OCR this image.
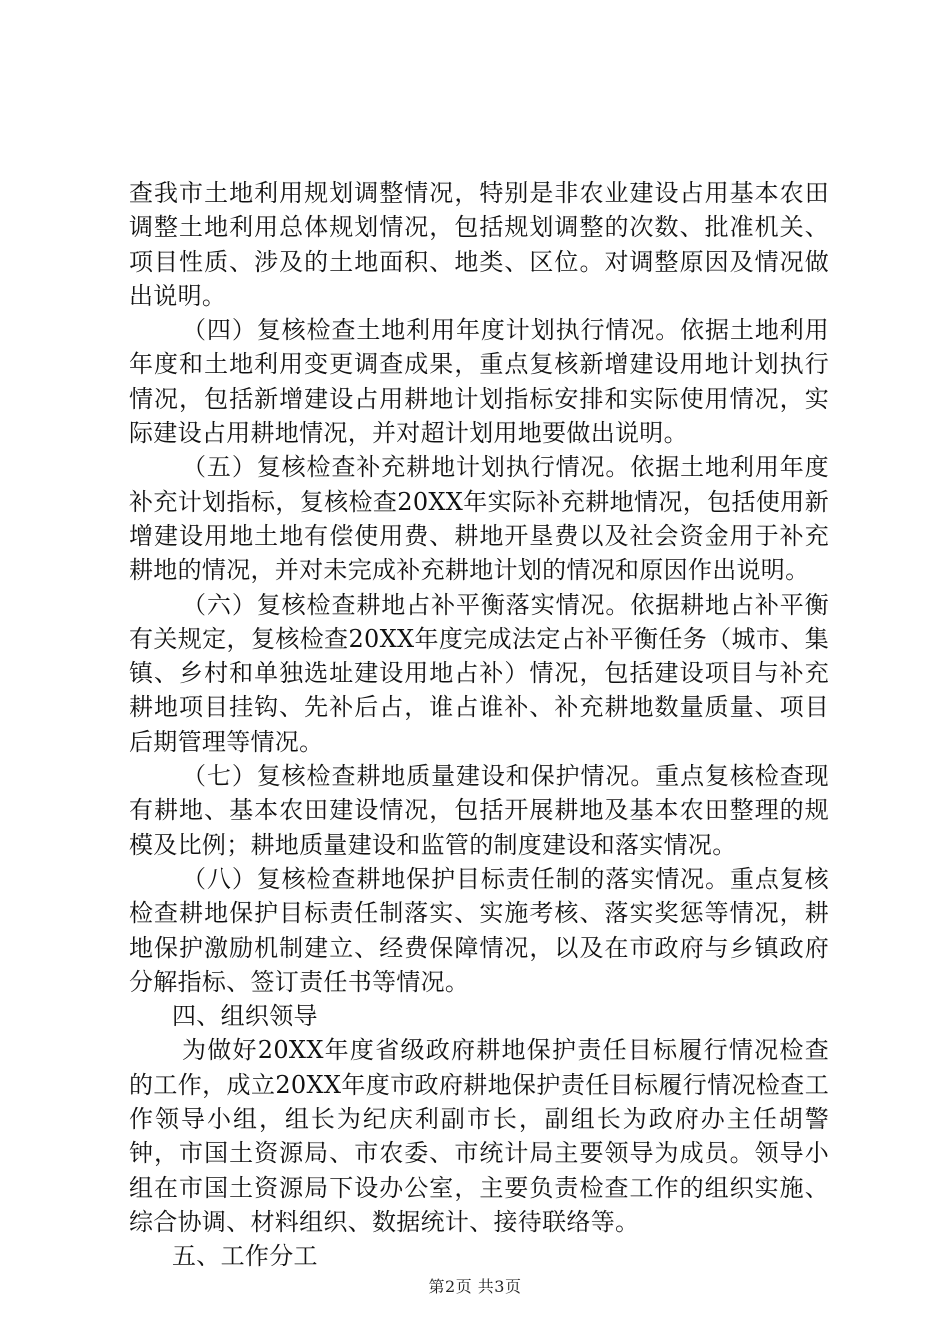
查我市土地利用规划调整情况，特别是非农业建设占用基本农田调整土地利用总体规划情况，包括规划调整的次数、批准机关、项目性质、涉及的土地面积、地类、区位。对调整原因及情况做出说明。

（四）复核检查土地利用年度计划执行情况。依据土地利用年度和土地利用变更调查成果，重点复核新增建设用地计划执行情况，包括新增建设占用耕地计划指标安排和实际使用情况，实际建设占用耕地情况，并对超计划用地要做出说明。

（五）复核检查补充耕地计划执行情况。依据土地利用年度补充计划指标，复核检查20XX年实际补充耕地情况，包括使用新增建设用地土地有偿使用费、耕地开垦费以及社会资金用于补充耕地的情况，并对未完成补充耕地计划的情况和原因作出说明。

（六）复核检查耕地占补平衡落实情况。依据耕地占补平衡有关规定，复核检查20XX年度完成法定占补平衡任务（城市、集镇、乡村和单独选址建设用地占补）情况，包括建设项目与补充耕地项目挂钩、先补后占，谁占谁补、补充耕地数量质量、项目后期管理等情况。

（七）复核检查耕地质量建设和保护情况。重点复核检查现有耕地、基本农田建设情况，包括开展耕地及基本农田整理的规模及比例；耕地质量建设和监管的制度建设和落实情况。

（八）复核检查耕地保护目标责任制的落实情况。重点复核检查耕地保护目标责任制落实、实施考核、落实奖惩等情况，耕地保护激励机制建立、经费保障情况，以及在市政府与乡镇政府分解指标、签订责任书等情况。

四、组织领导

为做好20XX年度省级政府耕地保护责任目标履行情况检查的工作，成立20XX年度市政府耕地保护责任目标履行情况检查工作领导小组，组长为纪庆利副市长，副组长为政府办主任胡警钟，市国土资源局、市农委、市统计局主要领导为成员。领导小组在市国土资源局下设办公室，主要负责检查工作的组织实施、综合协调、材料组织、数据统计、接待联络等。

五、工作分工

第2页 共3页
